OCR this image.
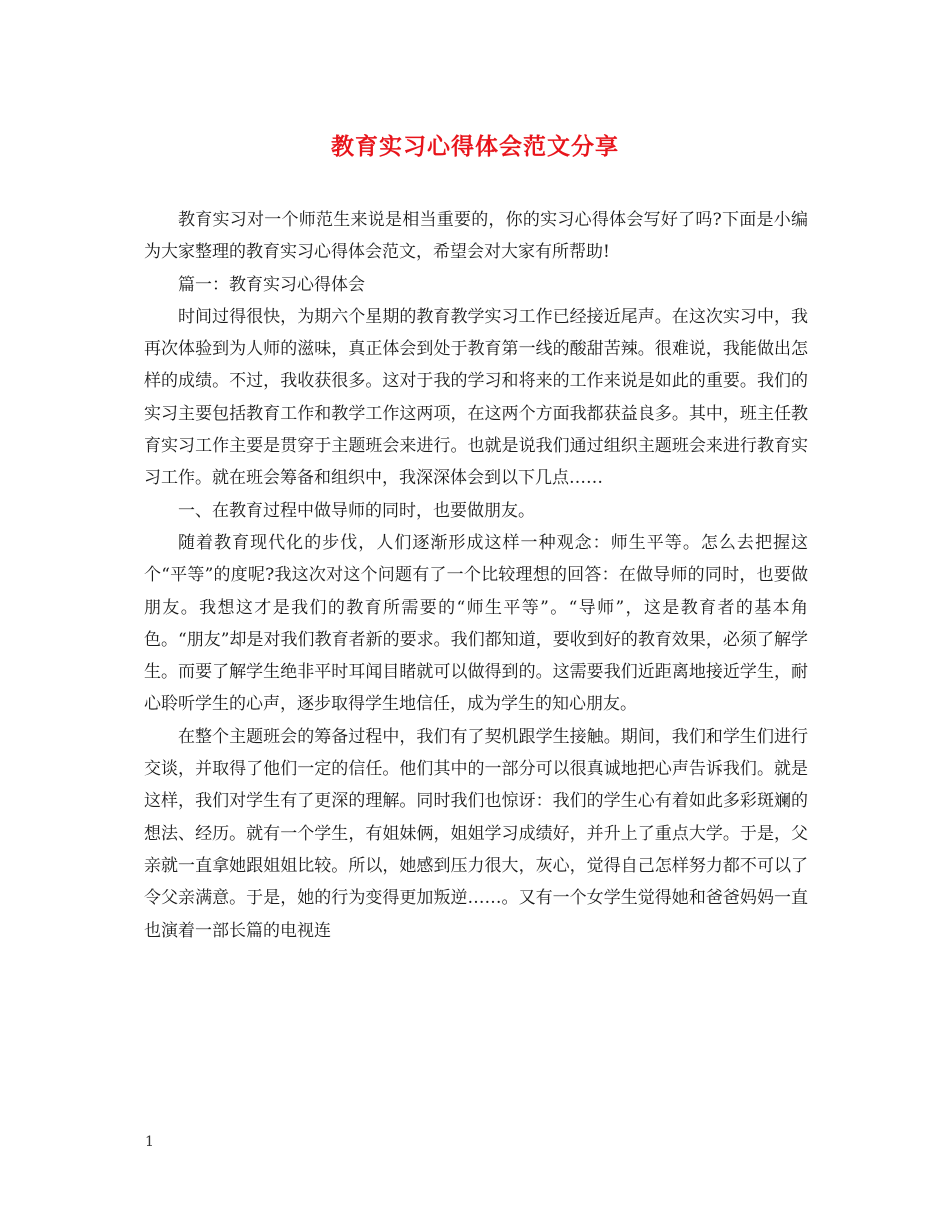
教育实习心得体会范文分享

教育实习对一个师范生来说是相当重要的，你的实习心得体会写好了吗?下面是小编为大家整理的教育实习心得体会范文，希望会对大家有所帮助!

篇一：教育实习心得体会

时间过得很快，为期六个星期的教育教学实习工作已经接近尾声。在这次实习中，我再次体验到为人师的滋味，真正体会到处于教育第一线的酸甜苦辣。很难说，我能做出怎样的成绩。不过，我收获很多。这对于我的学习和将来的工作来说是如此的重要。我们的实习主要包括教育工作和教学工作这两项，在这两个方面我都获益良多。其中，班主任教育实习工作主要是贯穿于主题班会来进行。也就是说我们通过组织主题班会来进行教育实习工作。就在班会筹备和组织中，我深深体会到以下几点……

一、在教育过程中做导师的同时，也要做朋友。

随着教育现代化的步伐，人们逐渐形成这样一种观念：师生平等。怎么去把握这个“平等”的度呢?我这次对这个问题有了一个比较理想的回答：在做导师的同时，也要做朋友。我想这才是我们的教育所需要的“师生平等”。“导师”，这是教育者的基本角色。“朋友”却是对我们教育者新的要求。我们都知道，要收到好的教育效果，必须了解学生。而要了解学生绝非平时耳闻目睹就可以做得到的。这需要我们近距离地接近学生，耐心聆听学生的心声，逐步取得学生地信任，成为学生的知心朋友。

在整个主题班会的筹备过程中，我们有了契机跟学生接触。期间，我们和学生们进行交谈，并取得了他们一定的信任。他们其中的一部分可以很真诚地把心声告诉我们。就是这样，我们对学生有了更深的理解。同时我们也惊讶：我们的学生心有着如此多彩斑斓的想法、经历。就有一个学生，有姐妹俩，姐姐学习成绩好，并升上了重点大学。于是，父亲就一直拿她跟姐姐比较。所以，她感到压力很大，灰心，觉得自己怎样努力都不可以了令父亲满意。于是，她的行为变得更加叛逆……。又有一个女学生觉得她和爸爸妈妈一直也演着一部长篇的电视连

1
